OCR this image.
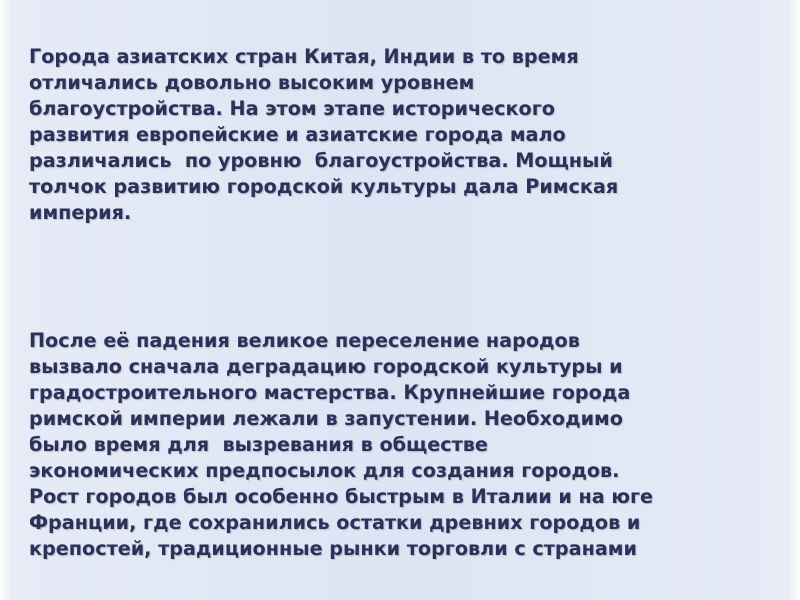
Города азиатских стран Китая, Индии в то время
отличались довольно высоким уровнем
благоустройства. На этом этапе исторического
развития европейские и азиатские города мало
различались  по уровню  благоустройства. Мощный
толчок развитию городской культуры дала Римская
империя.

После её падения великое переселение народов
вызвало сначала деградацию городской культуры и
градостроительного мастерства. Крупнейшие города
римской империи лежали в запустении. Необходимо
было время для  вызревания в обществе
экономических предпосылок для создания городов.
Рост городов был особенно быстрым в Италии и на юге
Франции, где сохранились остатки древних городов и
крепостей, традиционные рынки торговли с странами
